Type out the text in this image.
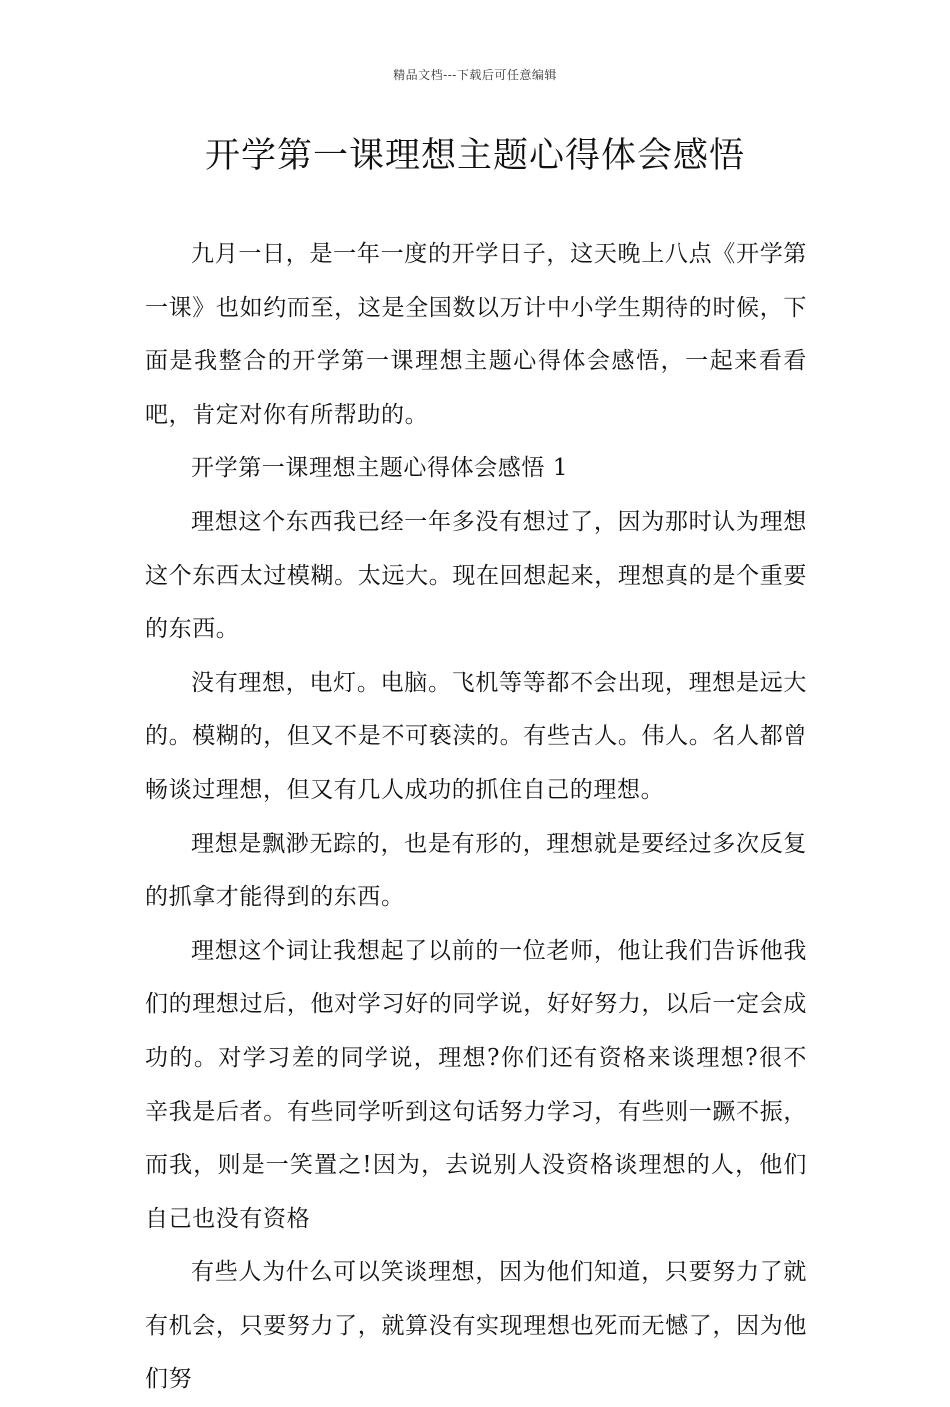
精品文档---下载后可任意编辑
开学第一课理想主题心得体会感悟

九月一日，是一年一度的开学日子，这天晚上八点《开学第一课》也如约而至，这是全国数以万计中小学生期待的时候，下面是我整合的开学第一课理想主题心得体会感悟，一起来看看吧，肯定对你有所帮助的。

开学第一课理想主题心得体会感悟 1

理想这个东西我已经一年多没有想过了，因为那时认为理想这个东西太过模糊。太远大。现在回想起来，理想真的是个重要的东西。

没有理想，电灯。电脑。飞机等等都不会出现，理想是远大的。模糊的，但又不是不可亵渎的。有些古人。伟人。名人都曾畅谈过理想，但又有几人成功的抓住自己的理想。

理想是飘渺无踪的，也是有形的，理想就是要经过多次反复的抓拿才能得到的东西。

理想这个词让我想起了以前的一位老师，他让我们告诉他我们的理想过后，他对学习好的同学说，好好努力，以后一定会成功的。对学习差的同学说，理想?你们还有资格来谈理想?很不辛我是后者。有些同学听到这句话努力学习，有些则一蹶不振，而我，则是一笑置之!因为，去说别人没资格谈理想的人，他们自己也没有资格

有些人为什么可以笑谈理想，因为他们知道，只要努力了就有机会，只要努力了，就算没有实现理想也死而无憾了，因为他们努
